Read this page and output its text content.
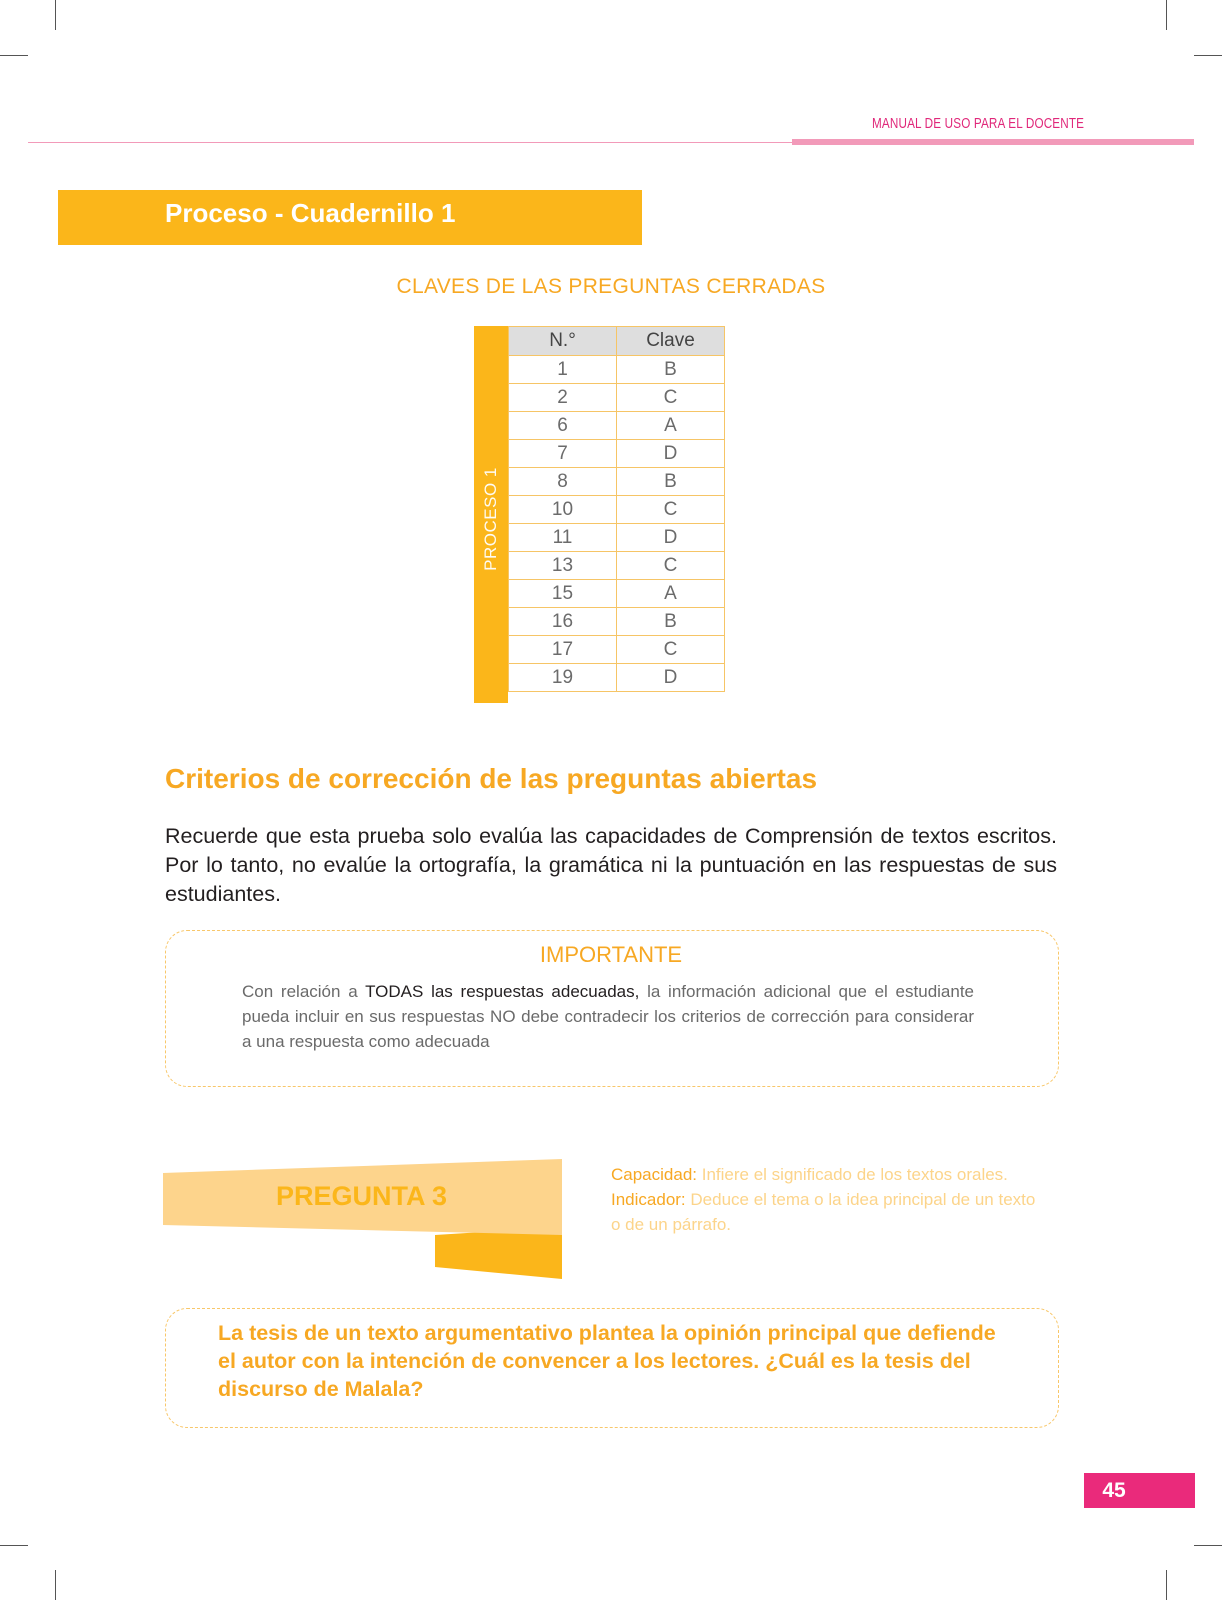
MANUAL DE USO PARA EL DOCENTE
Proceso - Cuadernillo 1
CLAVES DE LAS PREGUNTAS CERRADAS
PROCESO 1
N.°	Clave
1	B
2	C
6	A
7	D
8	B
10	C
11	D
13	C
15	A
16	B
17	C
19	D
Criterios de corrección de las preguntas abiertas
Recuerde que esta prueba solo evalúa las capacidades de Comprensión de textos escritos. Por lo tanto, no evalúe la ortografía, la gramática ni la puntuación en las respuestas de sus estudiantes.
IMPORTANTE
Con relación a TODAS las respuestas adecuadas, la información adicional que el estudiante pueda incluir en sus respuestas NO debe contradecir los criterios de corrección para considerar a una respuesta como adecuada
PREGUNTA 3
Capacidad: Infiere el significado de los textos orales.
Indicador: Deduce el tema o la idea principal de un texto o de un párrafo.
La tesis de un texto argumentativo plantea la opinión principal que defiende el autor con la intención de convencer a los lectores. ¿Cuál es la tesis del discurso de Malala?
45
